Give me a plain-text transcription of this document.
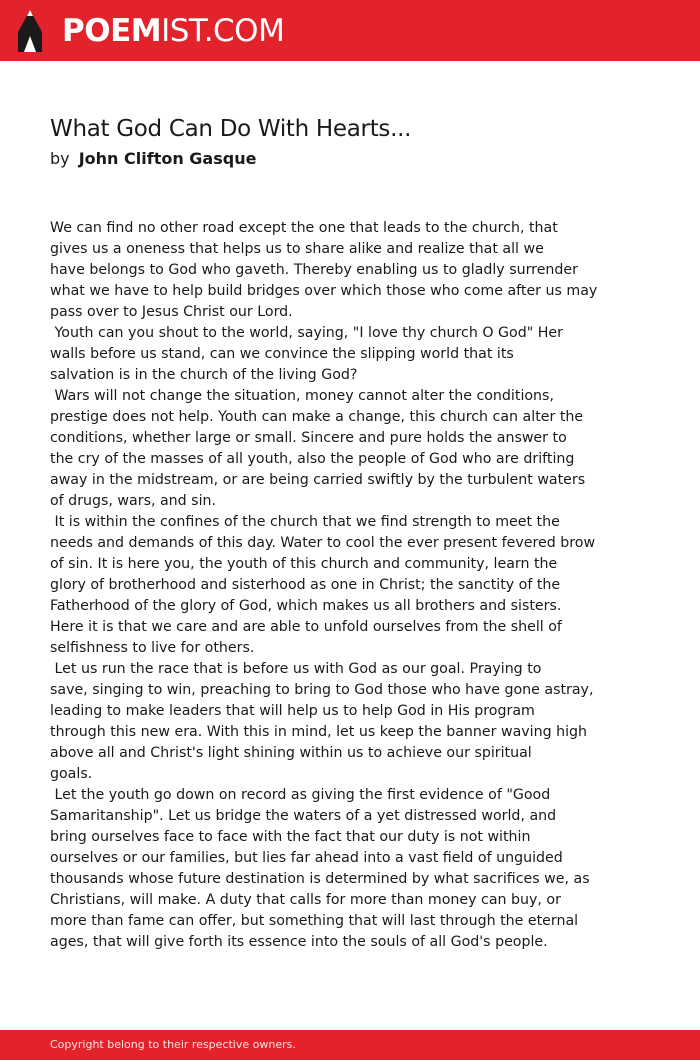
POEMIST.COM
What God Can Do With Hearts...
by John Clifton Gasque
We can find no other road except the one that leads to the church, that
gives us a oneness that helps us to share alike and realize that all we
have belongs to God who gaveth. Thereby enabling us to gladly surrender
what we have to help build bridges over which those who come after us may
pass over to Jesus Christ our Lord.
Youth can you shout to the world, saying, "I love thy church O God" Her
walls before us stand, can we convince the slipping world that its
salvation is in the church of the living God?
Wars will not change the situation, money cannot alter the conditions,
prestige does not help. Youth can make a change, this church can alter the
conditions, whether large or small. Sincere and pure holds the answer to
the cry of the masses of all youth, also the people of God who are drifting
away in the midstream, or are being carried swiftly by the turbulent waters
of drugs, wars, and sin.
It is within the confines of the church that we find strength to meet the
needs and demands of this day. Water to cool the ever present fevered brow
of sin. It is here you, the youth of this church and community, learn the
glory of brotherhood and sisterhood as one in Christ; the sanctity of the
Fatherhood of the glory of God, which makes us all brothers and sisters.
Here it is that we care and are able to unfold ourselves from the shell of
selfishness to live for others.
Let us run the race that is before us with God as our goal. Praying to
save, singing to win, preaching to bring to God those who have gone astray,
leading to make leaders that will help us to help God in His program
through this new era. With this in mind, let us keep the banner waving high
above all and Christ's light shining within us to achieve our spiritual
goals.
Let the youth go down on record as giving the first evidence of "Good
Samaritanship". Let us bridge the waters of a yet distressed world, and
bring ourselves face to face with the fact that our duty is not within
ourselves or our families, but lies far ahead into a vast field of unguided
thousands whose future destination is determined by what sacrifices we, as
Christians, will make. A duty that calls for more than money can buy, or
more than fame can offer, but something that will last through the eternal
ages, that will give forth its essence into the souls of all God's people.
Copyright belong to their respective owners.
